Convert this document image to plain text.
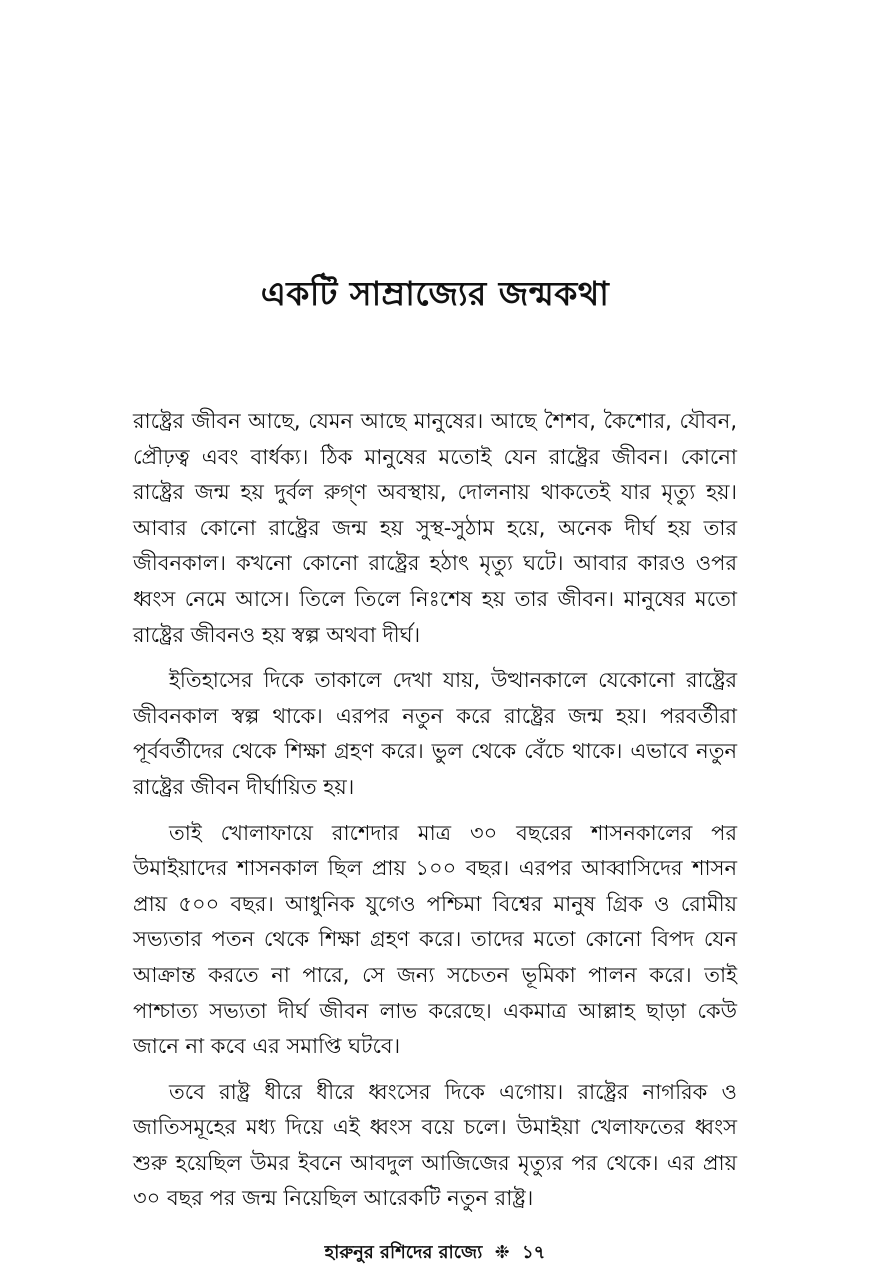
একটি সাম্রাজ্যের জন্মকথা

রাষ্ট্রের জীবন আছে, যেমন আছে মানুষের। আছে শৈশব, কৈশোর, যৌবন, প্রৌঢ়ত্ব এবং বার্ধক্য। ঠিক মানুষের মতোই যেন রাষ্ট্রের জীবন। কোনো রাষ্ট্রের জন্ম হয় দুর্বল রুগ্‌ণ অবস্থায়, দোলনায় থাকতেই যার মৃত্যু হয়। আবার কোনো রাষ্ট্রের জন্ম হয় সুস্থ-সুঠাম হয়ে, অনেক দীর্ঘ হয় তার জীবনকাল। কখনো কোনো রাষ্ট্রের হঠাৎ মৃত্যু ঘটে। আবার কারও ওপর ধ্বংস নেমে আসে। তিলে তিলে নিঃশেষ হয় তার জীবন। মানুষের মতো রাষ্ট্রের জীবনও হয় স্বল্প অথবা দীর্ঘ।

ইতিহাসের দিকে তাকালে দেখা যায়, উত্থানকালে যেকোনো রাষ্ট্রের জীবনকাল স্বল্প থাকে। এরপর নতুন করে রাষ্ট্রের জন্ম হয়। পরবর্তীরা পূর্ববর্তীদের থেকে শিক্ষা গ্রহণ করে। ভুল থেকে বেঁচে থাকে। এভাবে নতুন রাষ্ট্রের জীবন দীর্ঘায়িত হয়।

তাই খোলাফায়ে রাশেদার মাত্র ৩০ বছরের শাসনকালের পর উমাইয়াদের শাসনকাল ছিল প্রায় ১০০ বছর। এরপর আব্বাসিদের শাসন প্রায় ৫০০ বছর। আধুনিক যুগেও পশ্চিমা বিশ্বের মানুষ গ্রিক ও রোমীয় সভ্যতার পতন থেকে শিক্ষা গ্রহণ করে। তাদের মতো কোনো বিপদ যেন আক্রান্ত করতে না পারে, সে জন্য সচেতন ভূমিকা পালন করে। তাই পাশ্চাত্য সভ্যতা দীর্ঘ জীবন লাভ করেছে। একমাত্র আল্লাহ ছাড়া কেউ জানে না কবে এর সমাপ্তি ঘটবে।

তবে রাষ্ট্র ধীরে ধীরে ধ্বংসের দিকে এগোয়। রাষ্ট্রের নাগরিক ও জাতিসমূহের মধ্য দিয়ে এই ধ্বংস বয়ে চলে। উমাইয়া খেলাফতের ধ্বংস শুরু হয়েছিল উমর ইবনে আবদুল আজিজের মৃত্যুর পর থেকে। এর প্রায় ৩০ বছর পর জন্ম নিয়েছিল আরেকটি নতুন রাষ্ট্র।

হারুনুর রশিদের রাজ্যে ❉ ১৭
